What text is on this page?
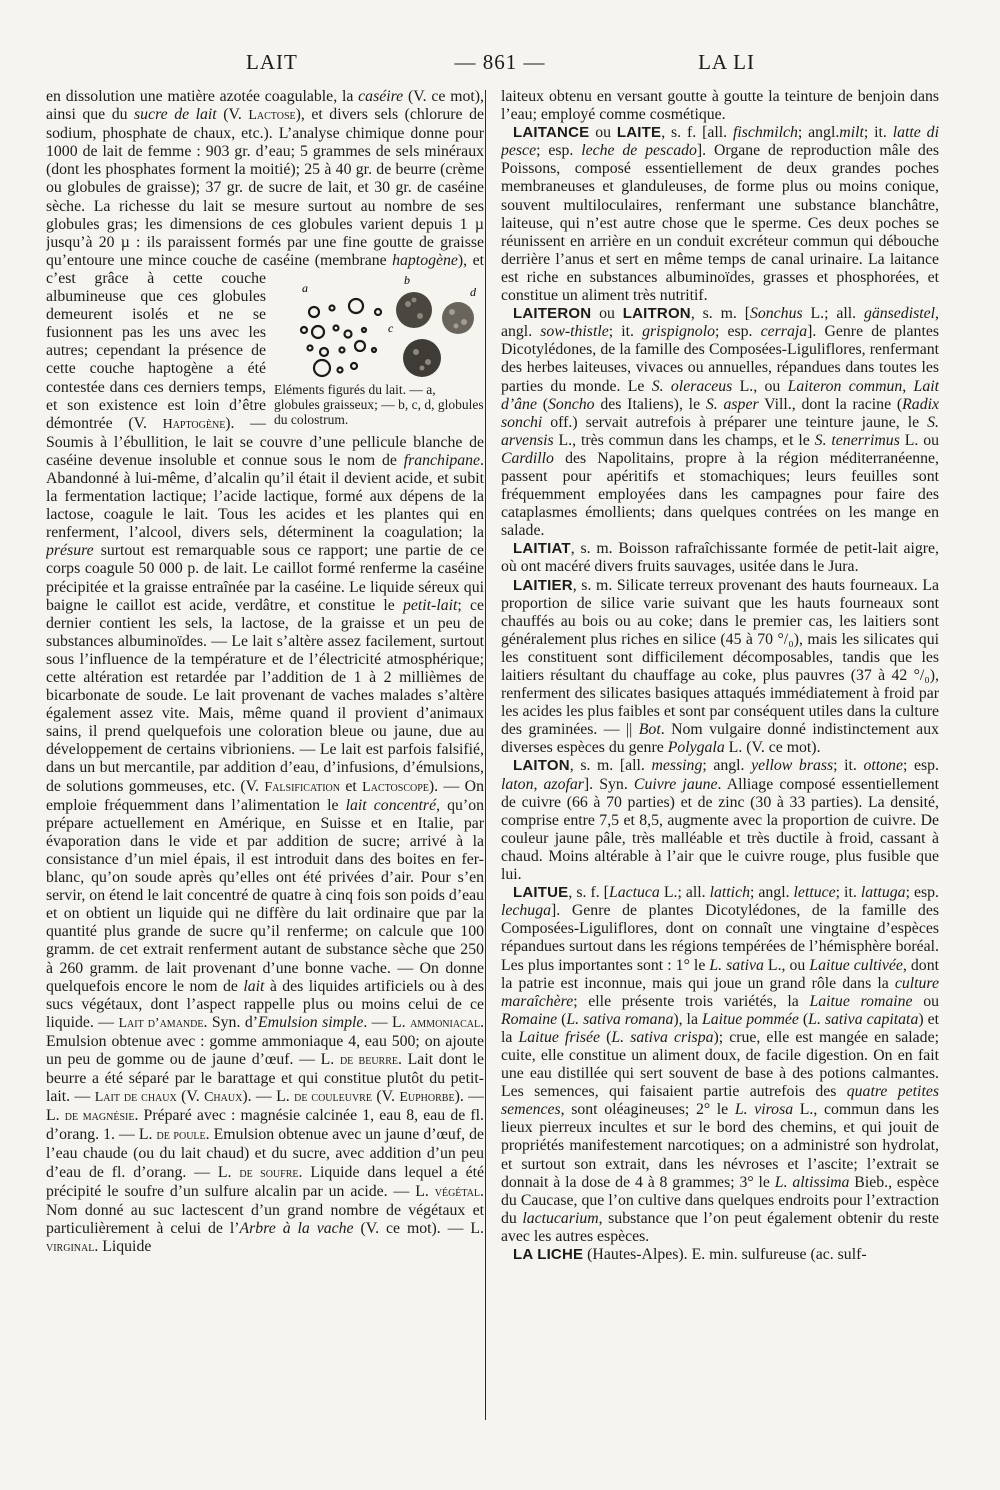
LAIT	— 861 —	LA LI

en dissolution une matière azotée coagulable, la caséire (V. ce mot), ainsi que du sucre de lait (V. Lactose), et divers sels (chlorure de sodium, phosphate de chaux, etc.). L’analyse chimique donne pour 1000 de lait de femme : 903 gr. d’eau; 5 grammes de sels minéraux (dont les phosphates forment la moitié); 25 à 40 gr. de beurre (crème ou globules de graisse); 37 gr. de sucre de lait, et 30 gr. de caséine sèche. La richesse du lait se mesure surtout au nombre de ses globules gras; les dimensions de ces globules varient depuis 1 µ jusqu’à 20 µ : ils paraissent formés par une fine goutte de graisse qu’entoure une mince couche de caséine (membrane
a
b
c
d
Eléments figurés du lait. — a, globules graisseux; — b, c, d, globules du colostrum.
haptogène), et c’est grâce à cette couche albumineuse que ces globules demeurent isolés et ne se fusionnent pas les uns avec les autres; cependant la présence de cette couche haptogène a été contestée dans ces derniers temps, et son existence est loin d’être démontrée (V. Haptogène). — Soumis à l’ébullition, le lait se couvre d’une pellicule blanche de caséine devenue insoluble et connue sous le nom de franchipane. Abandonné à lui-même, d’alcalin qu’il était il devient acide, et subit la fermentation lactique; l’acide lactique, formé aux dépens de la lactose, coagule le lait. Tous les acides et les plantes qui en renferment, l’alcool, divers sels, déterminent la coagulation; la présure surtout est remarquable sous ce rapport; une partie de ce corps coagule 50 000 p. de lait. Le caillot formé renferme la caséine précipitée et la graisse entraînée par la caséine. Le liquide séreux qui baigne le caillot est acide, verdâtre, et constitue le petit-lait; ce dernier contient les sels, la lactose, de la graisse et un peu de substances albuminoïdes. — Le lait s’altère assez facilement, surtout sous l’influence de la température et de l’électricité atmosphérique; cette altération est retardée par l’addition de 1 à 2 millièmes de bicarbonate de soude. Le lait provenant de vaches malades s’altère également assez vite. Mais, même quand il provient d’animaux sains, il prend quelquefois une coloration bleue ou jaune, due au développement de certains vibrioniens. — Le lait est parfois falsifié, dans un but mercantile, par addition d’eau, d’infusions, d’émulsions, de solutions gommeuses, etc. (V. Falsification et Lactoscope). — On emploie fréquemment dans l’alimentation le lait concentré, qu’on prépare actuellement en Amérique, en Suisse et en Italie, par évaporation dans le vide et par addition de sucre; arrivé à la consistance d’un miel épais, il est introduit dans des boites en fer-blanc, qu’on soude après qu’elles ont été privées d’air. Pour s’en servir, on étend le lait concentré de quatre à cinq fois son poids d’eau et on obtient un liquide qui ne diffère du lait ordinaire que par la quantité plus grande de sucre qu’il renferme; on calcule que 100 gramm. de cet extrait renferment autant de substance sèche que 250 à 260 gramm. de lait provenant d’une bonne vache. — On donne quelquefois encore le nom de lait à des liquides artificiels ou à des sucs végétaux, dont l’aspect rappelle plus ou moins celui de ce liquide. — Lait d’amande. Syn. d’Emulsion simple. — L. ammoniacal. Emulsion obtenue avec : gomme ammoniaque 4, eau 500; on ajoute un peu de gomme ou de jaune d’œuf. — L. de beurre. Lait dont le beurre a été séparé par le barattage et qui constitue plutôt du petit-lait. — Lait de chaux (V. Chaux). — L. de couleuvre (V. Euphorbe). — L. de magnésie. Préparé avec : magnésie calcinée 1, eau 8, eau de fl. d’orang. 1. — L. de poule. Emulsion obtenue avec un jaune d’œuf, de l’eau chaude (ou du lait chaud) et du sucre, avec addition d’un peu d’eau de fl. d’orang. — L. de soufre. Liquide dans lequel a été précipité le soufre d’un sulfure alcalin par un acide. — L. végétal. Nom donné au suc lactescent d’un grand nombre de végétaux et particulièrement à celui de l’Arbre à la vache (V. ce mot). — L. virginal. Liquide

laiteux obtenu en versant goutte à goutte la teinture de benjoin dans l’eau; employé comme cosmétique.

LAITANCE ou LAITE, s. f. [all. fischmilch; angl.milt; it. latte di pesce; esp. leche de pescado]. Organe de reproduction mâle des Poissons, composé essentiellement de deux grandes poches membraneuses et glanduleuses, de forme plus ou moins conique, souvent multiloculaires, renfermant une substance blanchâtre, laiteuse, qui n’est autre chose que le sperme. Ces deux poches se réunissent en arrière en un conduit excréteur commun qui débouche derrière l’anus et sert en même temps de canal urinaire. La laitance est riche en substances albuminoïdes, grasses et phosphorées, et constitue un aliment très nutritif.

LAITERON ou LAITRON, s. m. [Sonchus L.; all. gänsedistel, angl. sow-thistle; it. grispignolo; esp. cerraja]. Genre de plantes Dicotylédones, de la famille des Composées-Liguliflores, renfermant des herbes laiteuses, vivaces ou annuelles, répandues dans toutes les parties du monde. Le S. oleraceus L., ou Laiteron commun, Lait d’âne (Soncho des Italiens), le S. asper Vill., dont la racine (Radix sonchi off.) servait autrefois à préparer une teinture jaune, le S. arvensis L., très commun dans les champs, et le S. tenerrimus L. ou Cardillo des Napolitains, propre à la région méditerranéenne, passent pour apéritifs et stomachiques; leurs feuilles sont fréquemment employées dans les campagnes pour faire des cataplasmes émollients; dans quelques contrées on les mange en salade.

LAITIAT, s. m. Boisson rafraîchissante formée de petit-lait aigre, où ont macéré divers fruits sauvages, usitée dans le Jura.

LAITIER, s. m. Silicate terreux provenant des hauts fourneaux. La proportion de silice varie suivant que les hauts fourneaux sont chauffés au bois ou au coke; dans le premier cas, les laitiers sont généralement plus riches en silice (45 à 70 °/₀), mais les silicates qui les constituent sont difficilement décomposables, tandis que les laitiers résultant du chauffage au coke, plus pauvres (37 à 42 °/₀), renferment des silicates basiques attaqués immédiatement à froid par les acides les plus faibles et sont par conséquent utiles dans la culture des graminées. — || Bot. Nom vulgaire donné indistinctement aux diverses espèces du genre Polygala L. (V. ce mot).

LAITON, s. m. [all. messing; angl. yellow brass; it. ottone; esp. laton, azofar]. Syn. Cuivre jaune. Alliage composé essentiellement de cuivre (66 à 70 parties) et de zinc (30 à 33 parties). La densité, comprise entre 7,5 et 8,5, augmente avec la proportion de cuivre. De couleur jaune pâle, très malléable et très ductile à froid, cassant à chaud. Moins altérable à l’air que le cuivre rouge, plus fusible que lui.

LAITUE, s. f. [Lactuca L.; all. lattich; angl. lettuce; it. lattuga; esp. lechuga]. Genre de plantes Dicotylédones, de la famille des Composées-Liguliflores, dont on connaît une vingtaine d’espèces répandues surtout dans les régions tempérées de l’hémisphère boréal. Les plus importantes sont : 1° le L. sativa L., ou Laitue cultivée, dont la patrie est inconnue, mais qui joue un grand rôle dans la culture maraîchère; elle présente trois variétés, la Laitue romaine ou Romaine (L. sativa romana), la Laitue pommée (L. sativa capitata) et la Laitue frisée (L. sativa crispa); crue, elle est mangée en salade; cuite, elle constitue un aliment doux, de facile digestion. On en fait une eau distillée qui sert souvent de base à des potions calmantes. Les semences, qui faisaient partie autrefois des quatre petites semences, sont oléagineuses; 2° le L. virosa L., commun dans les lieux pierreux incultes et sur le bord des chemins, et qui jouit de propriétés manifestement narcotiques; on a administré son hydrolat, et surtout son extrait, dans les névroses et l’ascite; l’extrait se donnait à la dose de 4 à 8 grammes; 3° le L. altissima Bieb., espèce du Caucase, que l’on cultive dans quelques endroits pour l’extraction du lactucarium, substance que l’on peut également obtenir du reste avec les autres espèces.

LA LICHE (Hautes-Alpes). E. min. sulfureuse (ac. sulf-
